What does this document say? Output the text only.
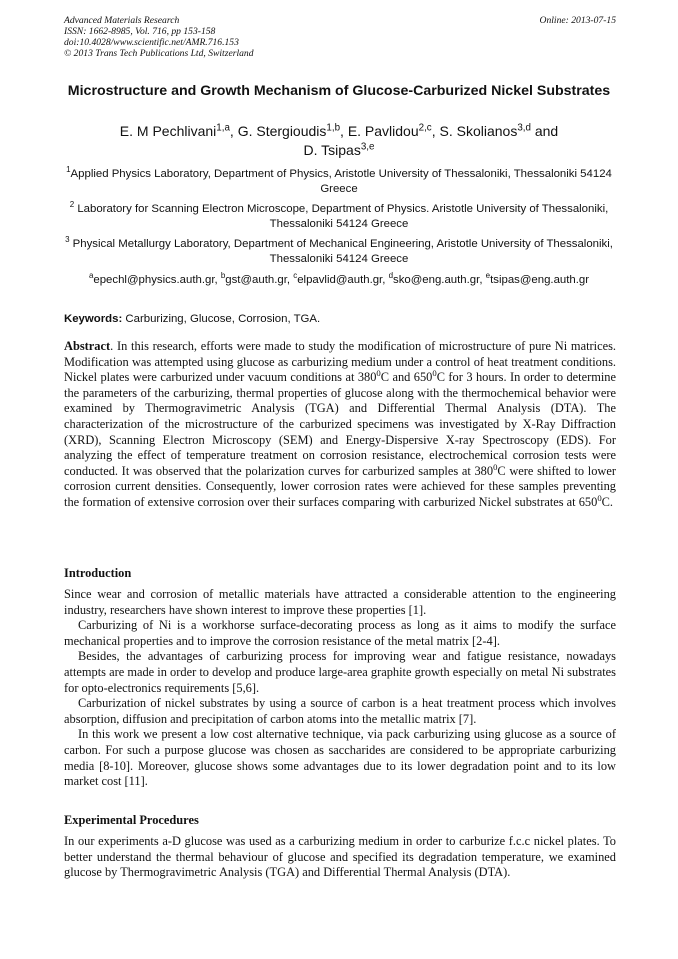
Advanced Materials Research
ISSN: 1662-8985, Vol. 716, pp 153-158
doi:10.4028/www.scientific.net/AMR.716.153
© 2013 Trans Tech Publications Ltd, Switzerland
Online: 2013-07-15
Microstructure and Growth Mechanism of Glucose-Carburized Nickel Substrates
E. M Pechlivani$^{1,a}$, G. Stergioudis$^{1,b}$, E. Pavlidou$^{2,c}$, S. Skolianos$^{3,d}$ and
D. Tsipas$^{3,e}$
$^1$Applied Physics Laboratory, Department of Physics, Aristotle University of Thessaloniki, Thessaloniki 54124 Greece
$^2$ Laboratory for Scanning Electron Microscope, Department of Physics. Aristotle University of Thessaloniki, Thessaloniki 54124 Greece
$^3$ Physical Metallurgy Laboratory, Department of Mechanical Engineering, Aristotle University of Thessaloniki, Thessaloniki 54124 Greece
$^a$epechl@physics.auth.gr, $^b$gst@auth.gr, $^c$elpavlid@auth.gr, $^d$sko@eng.auth.gr, $^e$tsipas@eng.auth.gr
Keywords: Carburizing, Glucose, Corrosion, TGA.

Abstract. In this research, efforts were made to study the modification of microstructure of pure Ni matrices. Modification was attempted using glucose as carburizing medium under a control of heat treatment conditions. Nickel plates were carburized under vacuum conditions at $380^0C$ and $650^0C$ for 3 hours. In order to determine the parameters of the carburizing, thermal properties of glucose along with the thermochemical behavior were examined by Thermogravimetric Analysis (TGA) and Differential Thermal Analysis (DTA). The characterization of the microstructure of the carburized specimens was investigated by X-Ray Diffraction (XRD), Scanning Electron Microscopy (SEM) and Energy-Dispersive X-ray Spectroscopy (EDS). For analyzing the effect of temperature treatment on corrosion resistance, electrochemical corrosion tests were conducted. It was observed that the polarization curves for carburized samples at $380^0C$ were shifted to lower corrosion current densities. Consequently, lower corrosion rates were achieved for these samples preventing the formation of extensive corrosion over their surfaces comparing with carburized Nickel substrates at $650^0C$.

Introduction

Since wear and corrosion of metallic materials have attracted a considerable attention to the engineering industry, researchers have shown interest to improve these properties [1].

Carburizing of Ni is a workhorse surface-decorating process as long as it aims to modify the surface mechanical properties and to improve the corrosion resistance of the metal matrix [2-4].

Besides, the advantages of carburizing process for improving wear and fatigue resistance, nowadays attempts are made in order to develop and produce large-area graphite growth especially on metal Ni substrates for opto-electronics requirements [5,6].

Carburization of nickel substrates by using a source of carbon is a heat treatment process which involves absorption, diffusion and precipitation of carbon atoms into the metallic matrix [7].

In this work we present a low cost alternative technique, via pack carburizing using glucose as a source of carbon. For such a purpose glucose was chosen as saccharides are considered to be appropriate carburizing media [8-10]. Moreover, glucose shows some advantages due to its lower degradation point and to its low market cost [11].

Experimental Procedures

In our experiments a-D glucose was used as a carburizing medium in order to carburize f.c.c nickel plates. To better understand the thermal behaviour of glucose and specified its degradation temperature, we examined glucose by Thermogravimetric Analysis (TGA) and Differential Thermal Analysis (DTA).
